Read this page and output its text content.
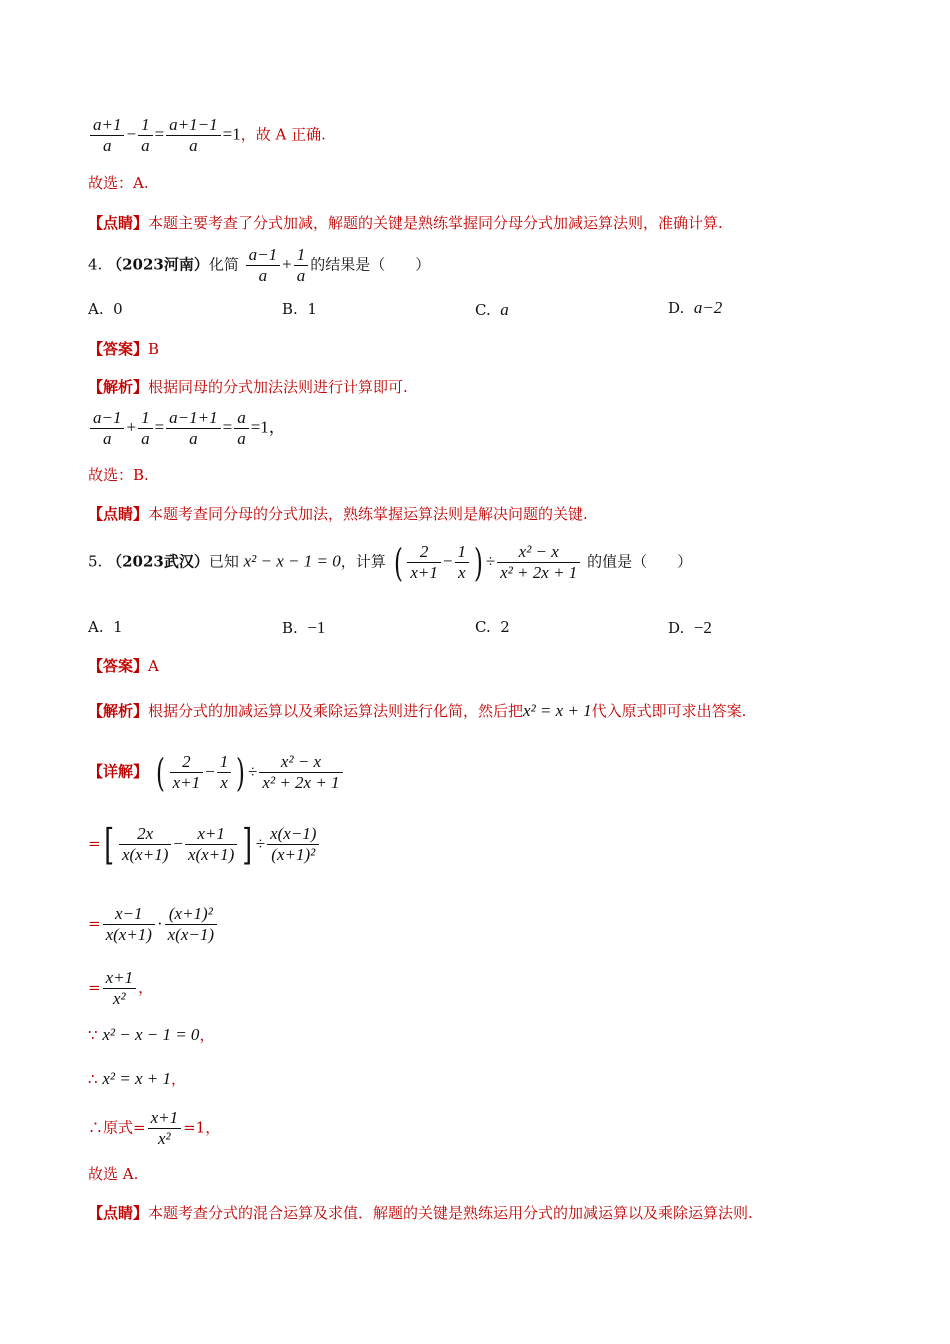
$\frac{a+1}{a} - \frac{1}{a} = \frac{a+1-1}{a} =1$，故 A 正确.
故选：A.
【点睛】本题主要考查了分式加减，解题的关键是熟练掌握同分母分式加减运算法则，准确计算.
4. （2023河南）化简 $\frac{a-1}{a} + \frac{1}{a}$ 的结果是（　　）
A. 0	B. 1	C. a	D. a−2
【答案】B
【解析】根据同母的分式加法法则进行计算即可.
$\frac{a-1}{a} + \frac{1}{a} = \frac{a-1+1}{a} = \frac{a}{a} =1$，
故选：B.
【点睛】本题考查同分母的分式加法，熟练掌握运算法则是解决问题的关键.
5. （2023武汉）已知 x² − x − 1 = 0，计算 ( $\frac{2}{x+1} - \frac{1}{x}$ ) ÷ $\frac{\text{x² − x}}{\text{x² + 2x + 1}}$ 的值是（　　）
A. 1	B. −1	C. 2	D. −2
【答案】A
【解析】根据分式的加减运算以及乘除运算法则进行化简，然后把x² = x + 1代入原式即可求出答案.
【详解】 ( $\frac{2}{x+1} - \frac{1}{x}$ ) ÷ $\frac{\text{x² − x}}{\text{x² + 2x + 1}}$
=[ $\frac{2x}{x(x+1)} - \frac{x+1}{x(x+1)}$ ] ÷ $\frac{x(x-1)}{\text{(x+1)²}}$
= $\frac{x-1}{x(x+1)} \cdot \frac{\text{(x+1)²}}{x(x-1)}$
= $\frac{x+1}{\text{x²}}$ ，
∵ x² − x − 1 = 0，
∴ x² = x + 1，
∴原式= $\frac{x+1}{\text{x²}} =1$，
故选 A.
【点睛】本题考查分式的混合运算及求值．解题的关键是熟练运用分式的加减运算以及乘除运算法则.
